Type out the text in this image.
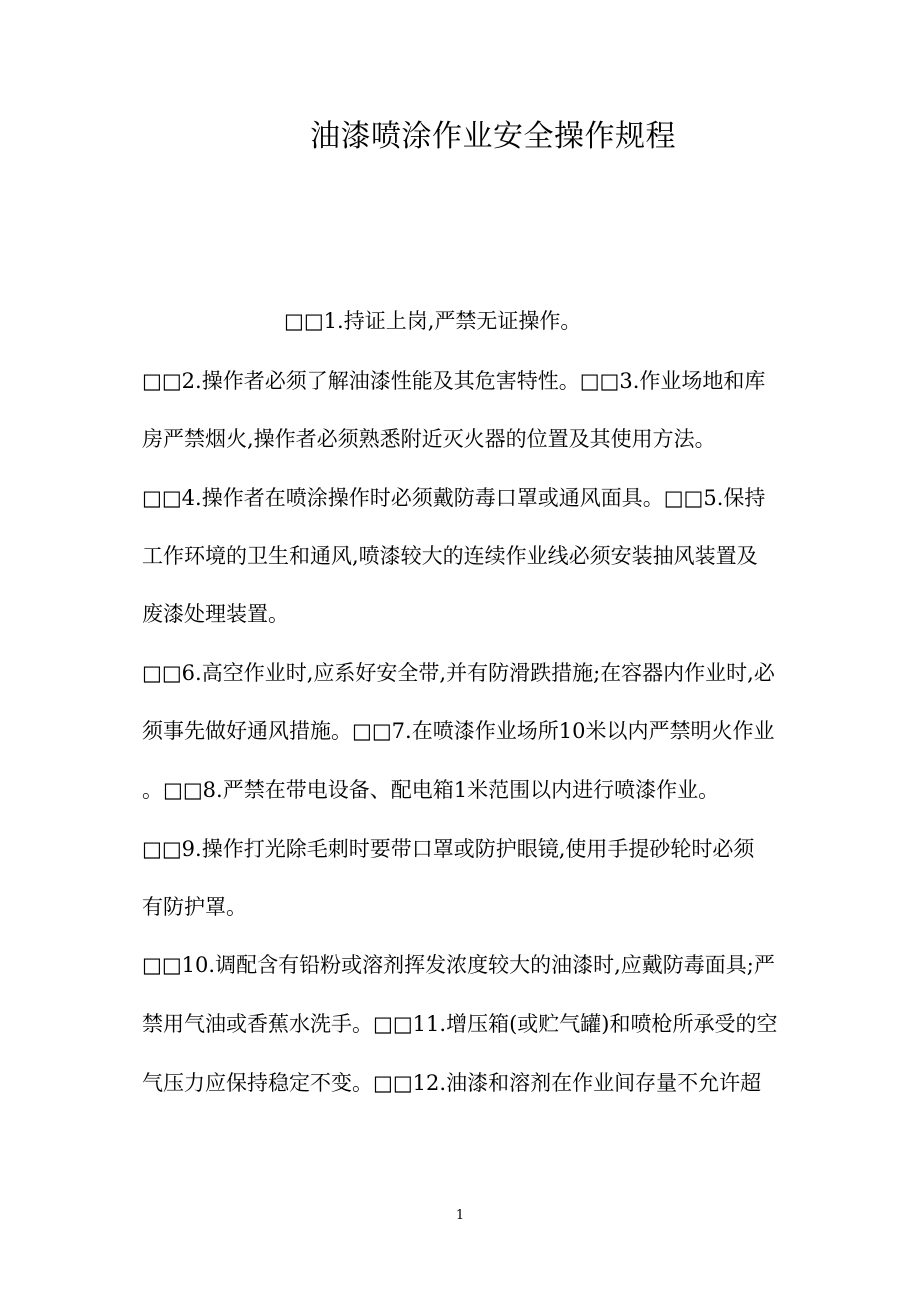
油漆喷涂作业安全操作规程
□□1.持证上岗,严禁无证操作。
□□2.操作者必须了解油漆性能及其危害特性。□□3.作业场地和库
房严禁烟火,操作者必须熟悉附近灭火器的位置及其使用方法。
□□4.操作者在喷涂操作时必须戴防毒口罩或通风面具。□□5.保持
工作环境的卫生和通风,喷漆较大的连续作业线必须安装抽风装置及
废漆处理装置。
□□6.高空作业时,应系好安全带,并有防滑跌措施;在容器内作业时,必
须事先做好通风措施。□□7.在喷漆作业场所10米以内严禁明火作业
。□□8.严禁在带电设备、配电箱1米范围以内进行喷漆作业。
□□9.操作打光除毛刺时要带口罩或防护眼镜,使用手提砂轮时必须
有防护罩。
□□10.调配含有铅粉或溶剂挥发浓度较大的油漆时,应戴防毒面具;严
禁用气油或香蕉水洗手。□□11.增压箱(或贮气罐)和喷枪所承受的空
气压力应保持稳定不变。□□12.油漆和溶剂在作业间存量不允许超
1
